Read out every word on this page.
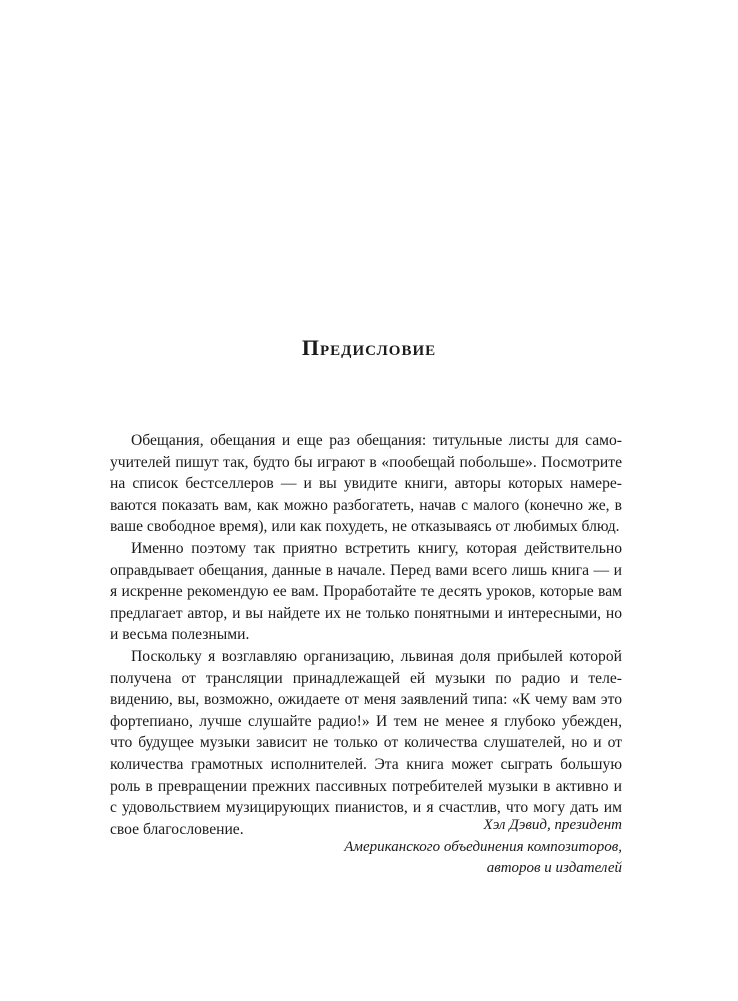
Предисловие

Обещания, обещания и еще раз обещания: титульные листы для самоучителей пишут так, будто бы играют в «пообещай побольше». Посмотрите на список бестселлеров — и вы увидите книги, авторы которых намереваются показать вам, как можно разбогатеть, начав с малого (конечно же, в ваше свободное время), или как похудеть, не отказываясь от любимых блюд.

Именно поэтому так приятно встретить книгу, которая действительно оправдывает обещания, данные в начале. Перед вами всего лишь книга — и я искренне рекомендую ее вам. Проработайте те десять уроков, которые вам предлагает автор, и вы найдете их не только понятными и интересными, но и весьма полезными.

Поскольку я возглавляю организацию, львиная доля прибылей которой получена от трансляции принадлежащей ей музыки по радио и телевидению, вы, возможно, ожидаете от меня заявлений типа: «К чему вам это фортепиано, лучше слушайте радио!» И тем не менее я глубоко убежден, что будущее музыки зависит не только от количества слушателей, но и от количества грамотных исполнителей. Эта книга может сыграть большую роль в превращении прежних пассивных потребителей музыки в активно и с удовольствием музицирующих пианистов, и я счастлив, что могу дать им свое благословение.	Хэл Дэвид, президент
Американского объединения композиторов,
авторов и издателей
